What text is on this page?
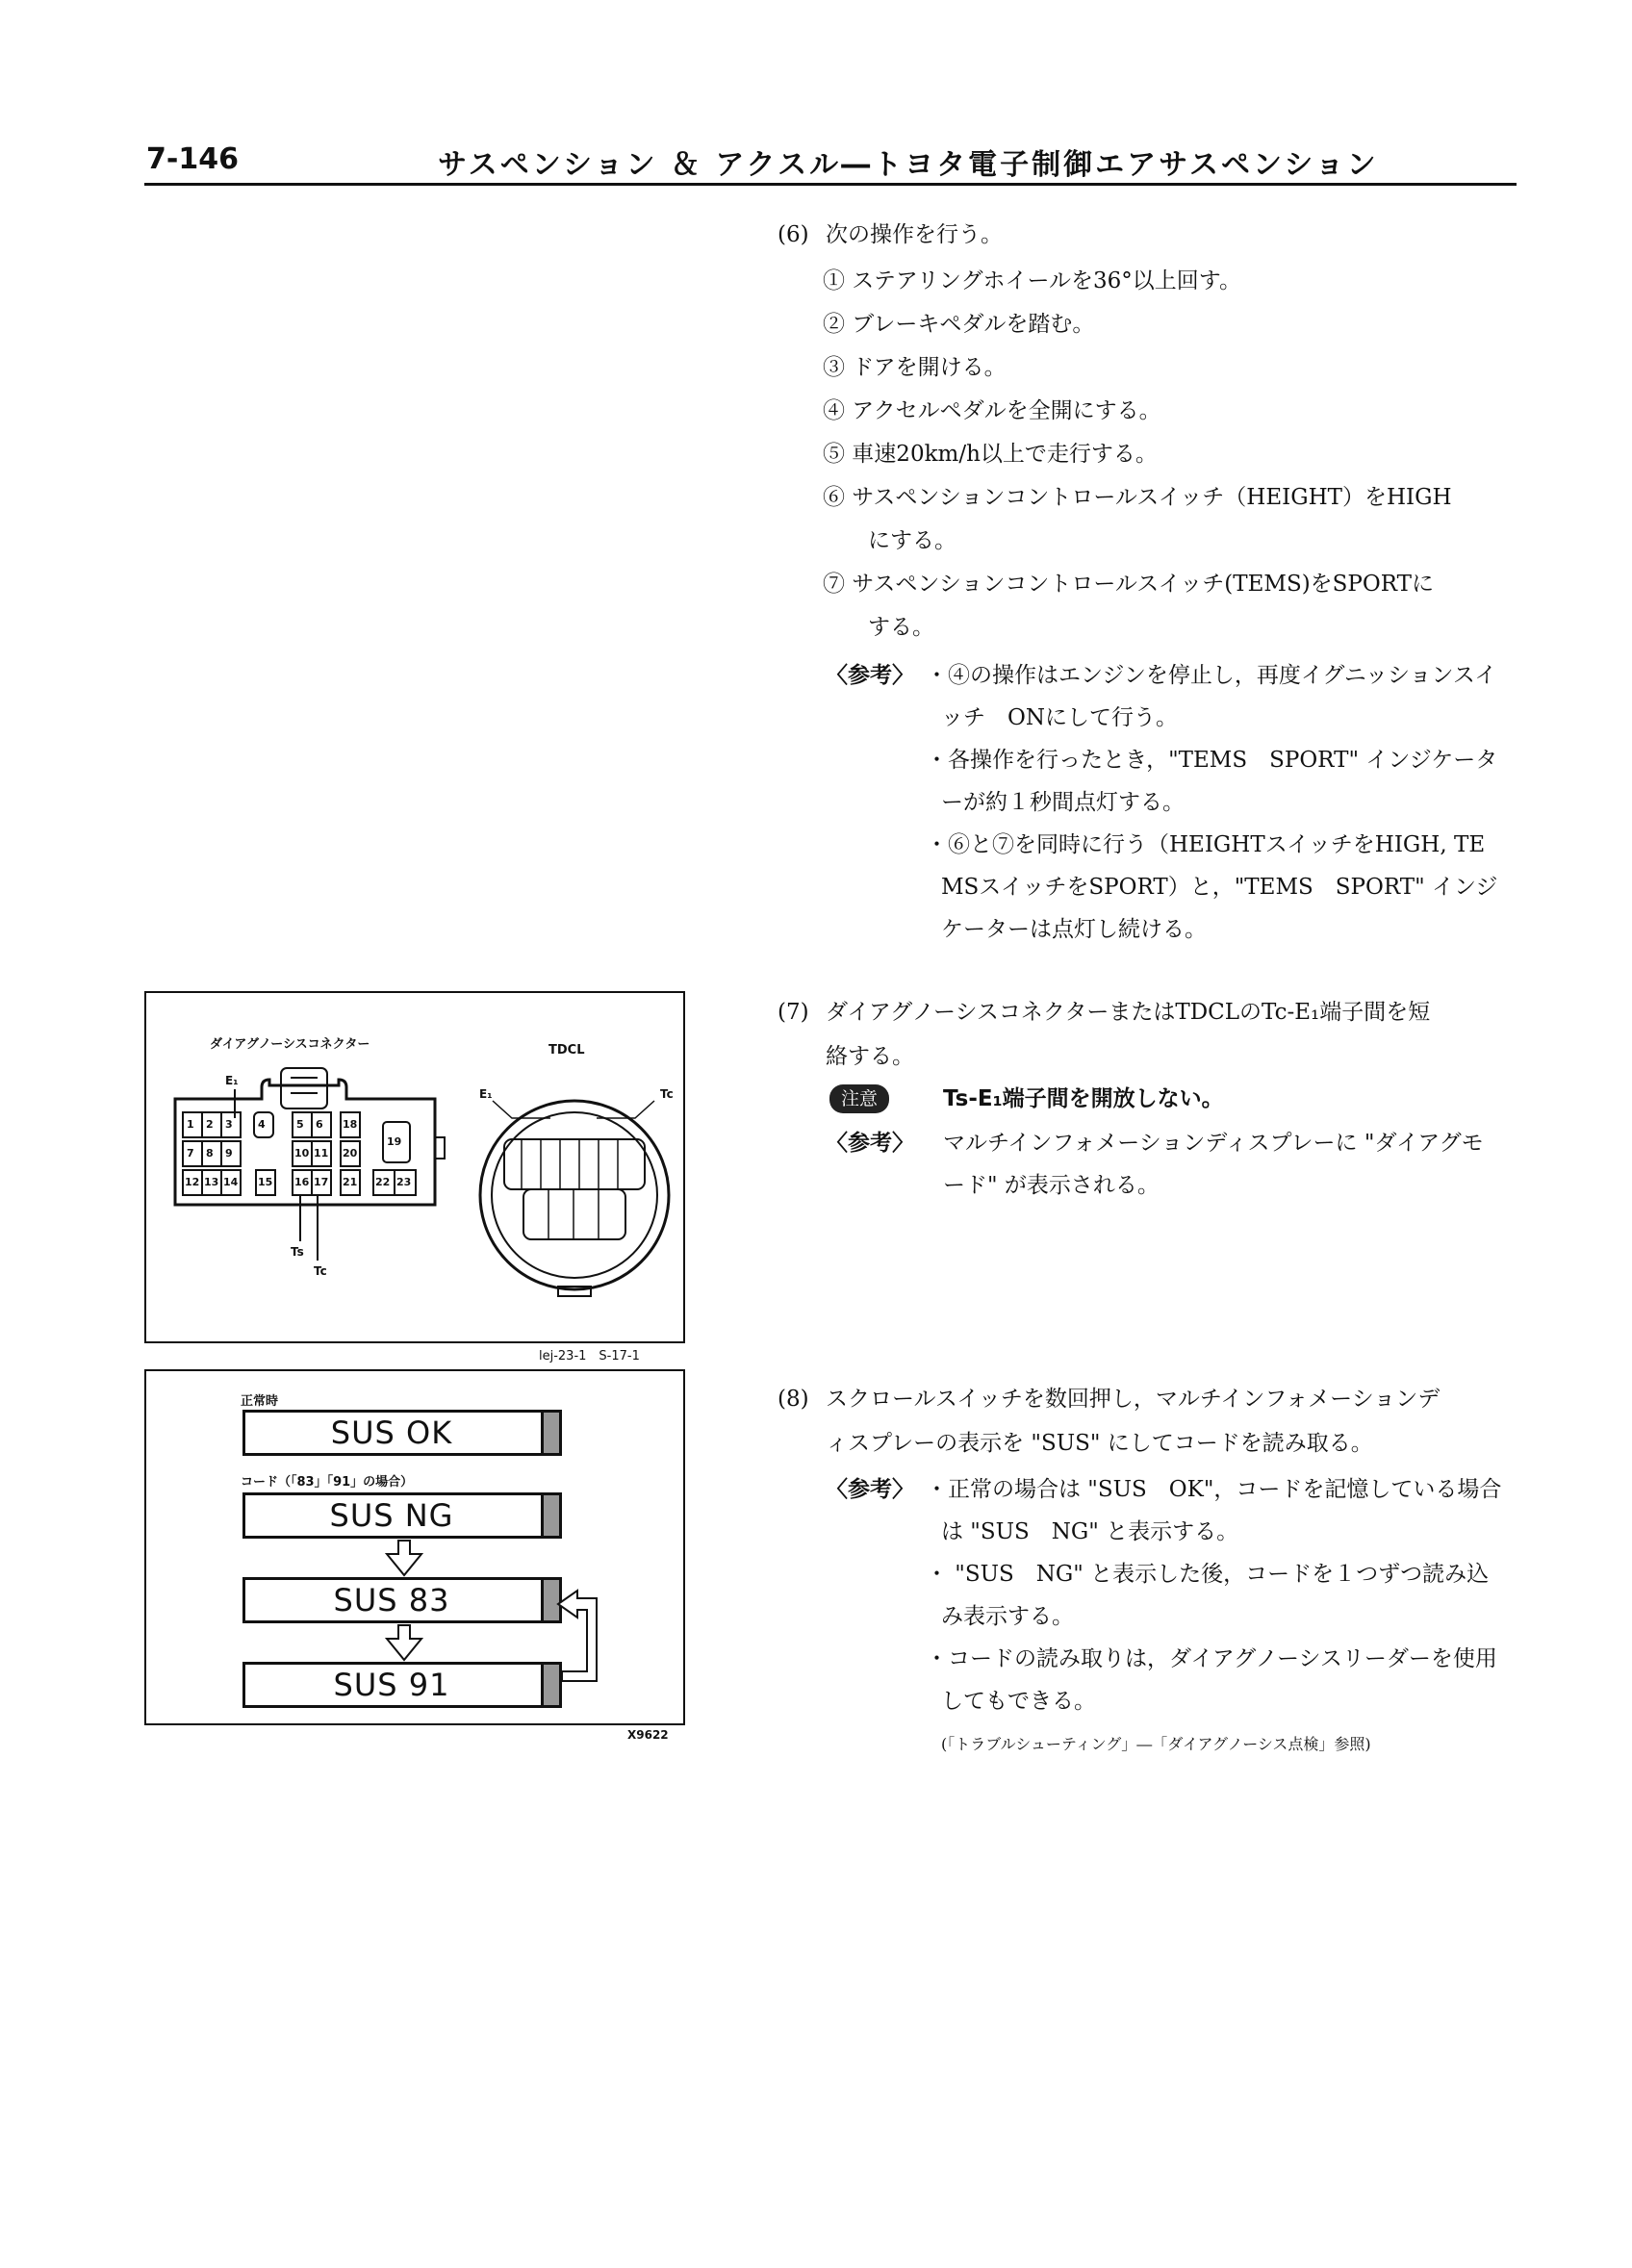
7-146	サスペンション ＆ アクスル―トヨタ電子制御エアサスペンション
(6) 次の操作を行う。
① ステアリングホイールを36°以上回す。
② ブレーキペダルを踏む。
③ ドアを開ける。
④ アクセルペダルを全開にする。
⑤ 車速20km/h以上で走行する。
⑥ サスペンションコントロールスイッチ（HEIGHT）をHIGH
にする。
⑦ サスペンションコントロールスイッチ(TEMS)をSPORTに
する。
〈参考〉 ・④の操作はエンジンを停止し，再度イグニッションスイ
ッチ　ONにして行う。
・各操作を行ったとき，"TEMS　SPORT" インジケータ
ーが約１秒間点灯する。
・⑥と⑦を同時に行う（HEIGHTスイッチをHIGH, TE
MSスイッチをSPORT）と，"TEMS　SPORT" インジ
ケーターは点灯し続ける。
(7) ダイアグノーシスコネクターまたはTDCLのTc-E₁端子間を短
絡する。
注意	Ts-E₁端子間を開放しない。
〈参考〉 マルチインフォメーションディスプレーに "ダイアグモ
ード" が表示される。
(8) スクロールスイッチを数回押し，マルチインフォメーションデ
ィスプレーの表示を "SUS" にしてコードを読み取る。
〈参考〉 ・正常の場合は "SUS　OK"，コードを記憶している場合
は "SUS　NG" と表示する。
・ "SUS　NG" と表示した後，コードを１つずつ読み込
み表示する。
・コードの読み取りは，ダイアグノーシスリーダーを使用
してもできる。
(「トラブルシューティング」―「ダイアグノーシス点検」参照)
ダイアグノーシスコネクター	TDCL
E₁
E₁	Tc
Ts
Tc
1 2 3 4	5 6 18
19
7 8 9	10 11 20
12 13 14 15 16 17 21 22 23
lej-23-1　S-17-1
正常時
SUS OK
コード（「83」「91」の場合）
SUS NG
SUS 83
SUS 91
X9622
